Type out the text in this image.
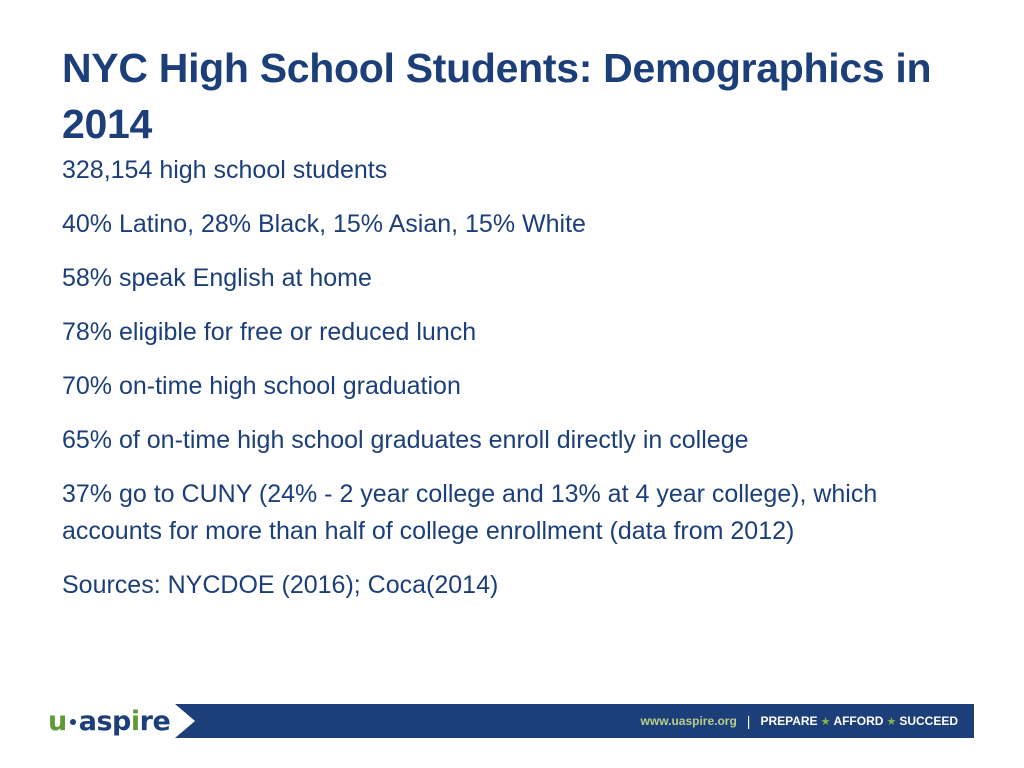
NYC High School Students: Demographics in 2014
328,154 high school students
40% Latino, 28% Black, 15% Asian, 15% White
58% speak English at home
78% eligible for free or reduced lunch
70% on-time high school graduation
65% of on-time high school graduates enroll directly in college
37% go to CUNY (24% - 2 year college and 13% at 4 year college), which accounts for more than half of college enrollment (data from 2012)
Sources: NYCDOE (2016); Coca(2014)
u asp i re	www.uaspire.org | PREPARE ★ AFFORD ★ SUCCEED
